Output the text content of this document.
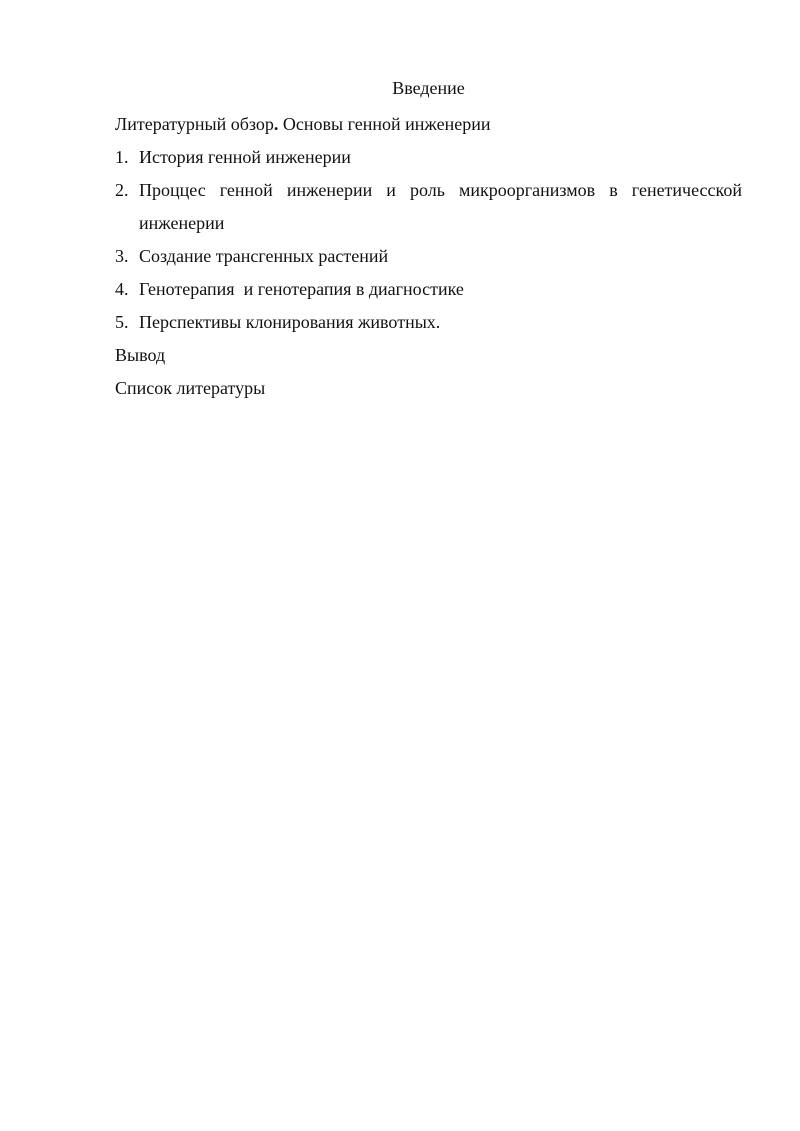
Введение

Литературный обзор. Основы генной инженерии

1. История генной инженерии
2. Проццес генной инженерии и роль микроорганизмов в генетичесской
инженерии
3. Создание трансгенных растений
4. Генотерапия  и генотерапия в диагностике
5. Перспективы клонирования животных.

Вывод

Список литературы
